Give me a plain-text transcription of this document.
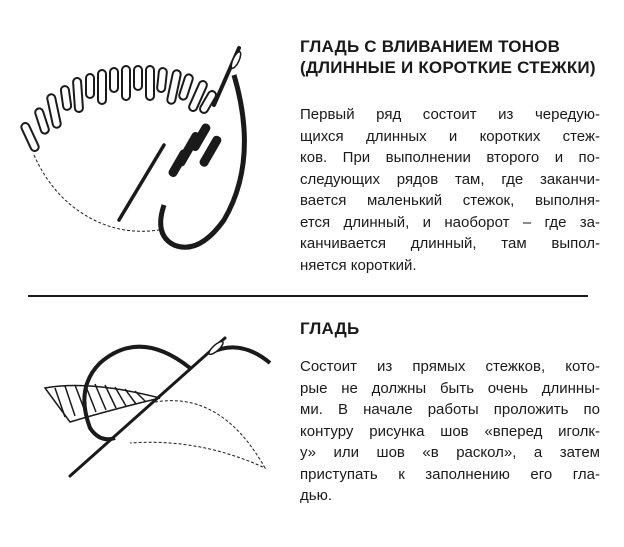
ГЛАДЬ С ВЛИВАНИЕМ ТОНОВ
(ДЛИННЫЕ И КОРОТКИЕ СТЕЖКИ)
Первый ряд состоит из чередую-
щихся длинных и коротких стеж-
ков. При выполнении второго и по-
следующих рядов там, где заканчи-
вается маленький стежок, выполня-
ется длинный, и наоборот – где за-
канчивается длинный, там выпол-
няется короткий.
ГЛАДЬ
Состоит из прямых стежков, кото-
рые не должны быть очень длинны-
ми. В начале работы проложить по
контуру рисунка шов «вперед иголк-
у» или шов «в раскол», а затем
приступать к заполнению его гла-
дью.
